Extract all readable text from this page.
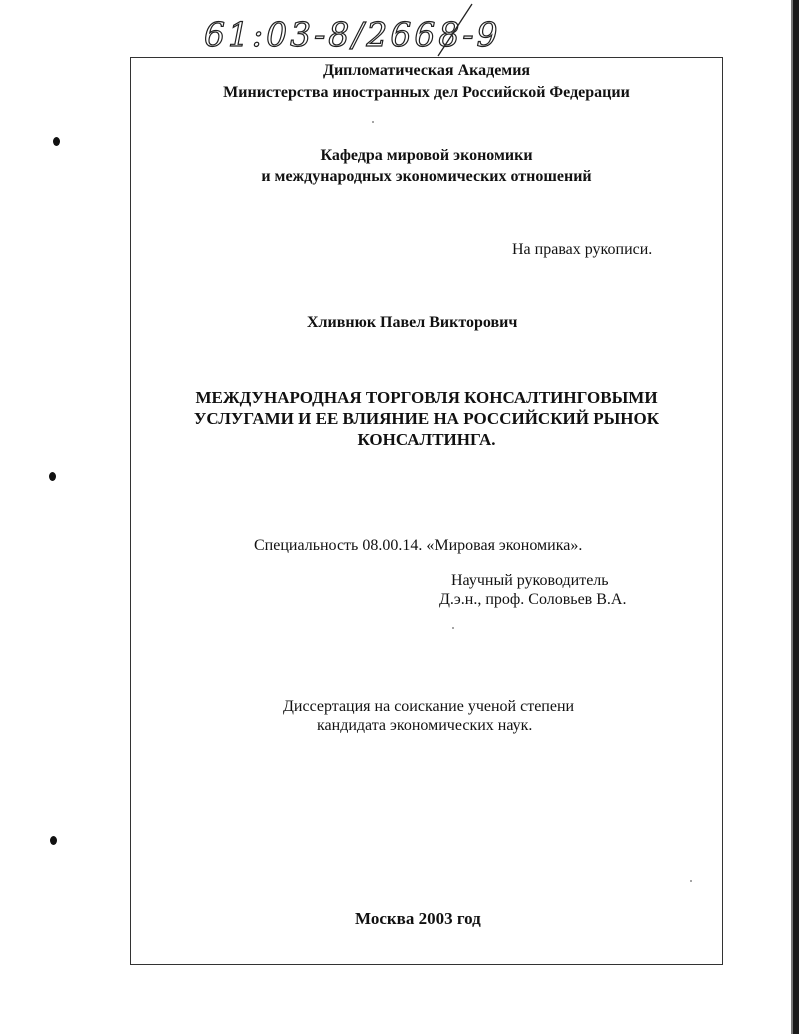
61:03-8/2668-9
Дипломатическая Академия
Министерства иностранных дел Российской Федерации
Кафедра мировой экономики
и международных экономических отношений
На правах рукописи.
Хливнюк Павел Викторович
МЕЖДУНАРОДНАЯ ТОРГОВЛЯ КОНСАЛТИНГОВЫМИ
УСЛУГАМИ И ЕЕ ВЛИЯНИЕ НА РОССИЙСКИЙ РЫНОК
КОНСАЛТИНГА.
Специальность 08.00.14. «Мировая экономика».
Научный руководитель
Д.э.н., проф. Соловьев В.А.
Диссертация на соискание ученой степени
кандидата экономических наук.
Москва 2003 год
